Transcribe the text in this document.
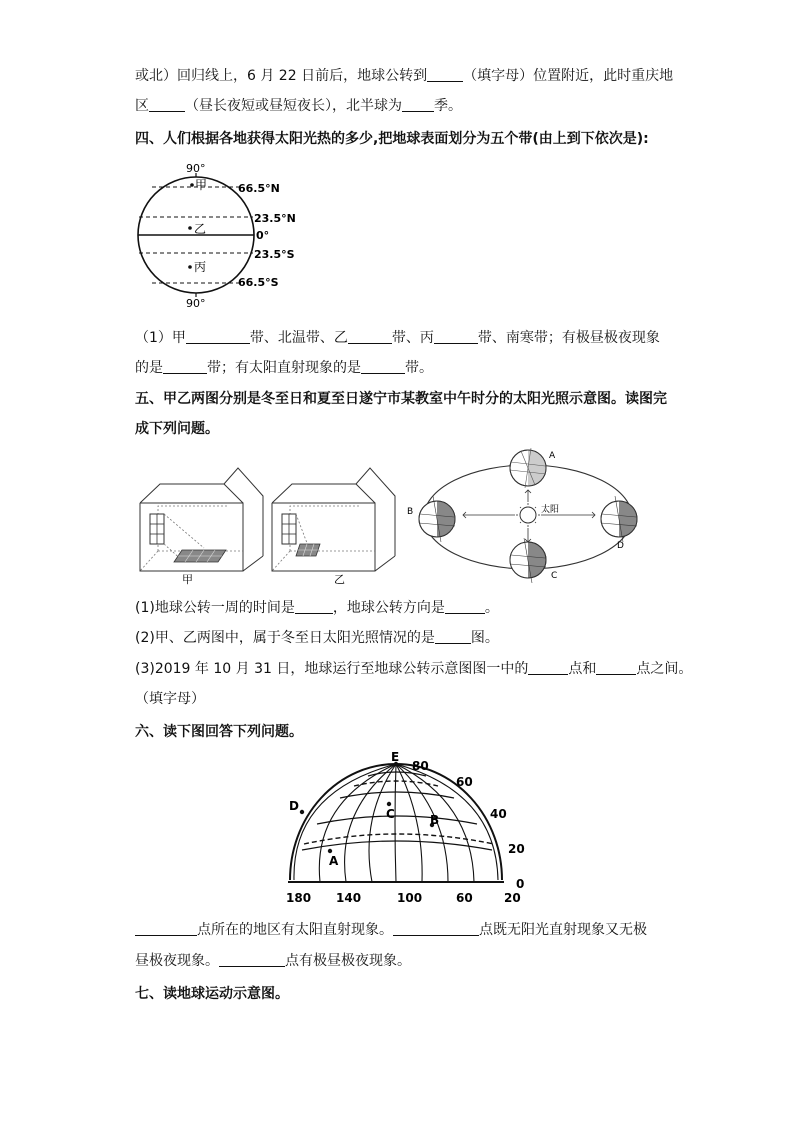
或北）回归线上，6 月 22 日前后，地球公转到	（填字母）位置附近，此时重庆地
区	（昼长夜短或昼短夜长），北半球为 季。
四、人们根据各地获得太阳光热的多少,把地球表面划分为五个带(由上到下依次是):
90°
90°
甲
乙
丙
66.5°N
23.5°N
0°
23.5°S
66.5°S
（1）甲	带、北温带、乙	带、丙	带、南寒带；有极昼极夜现象
的是	带；有太阳直射现象的是	带。
五、甲乙两图分别是冬至日和夏至日遂宁市某教室中午时分的太阳光照示意图。读图完
成下列问题。
甲	乙
太阳
A
B
D
C
(1)地球公转一周的时间是	，地球公转方向是	。
(2)甲、乙两图中，属于冬至日太阳光照情况的是	图。
(3)2019 年 10 月 31 日，地球运行至地球公转示意图图一中的	点和	点之间。
（填字母）
六、读下图回答下列问题。
E
D
C	B
A
80
60
40
20
0
180 140	100	60	20
点所在的地区有太阳直射现象。	点既无阳光直射现象又无极
昼极夜现象。	点有极昼极夜现象。
七、读地球运动示意图。
